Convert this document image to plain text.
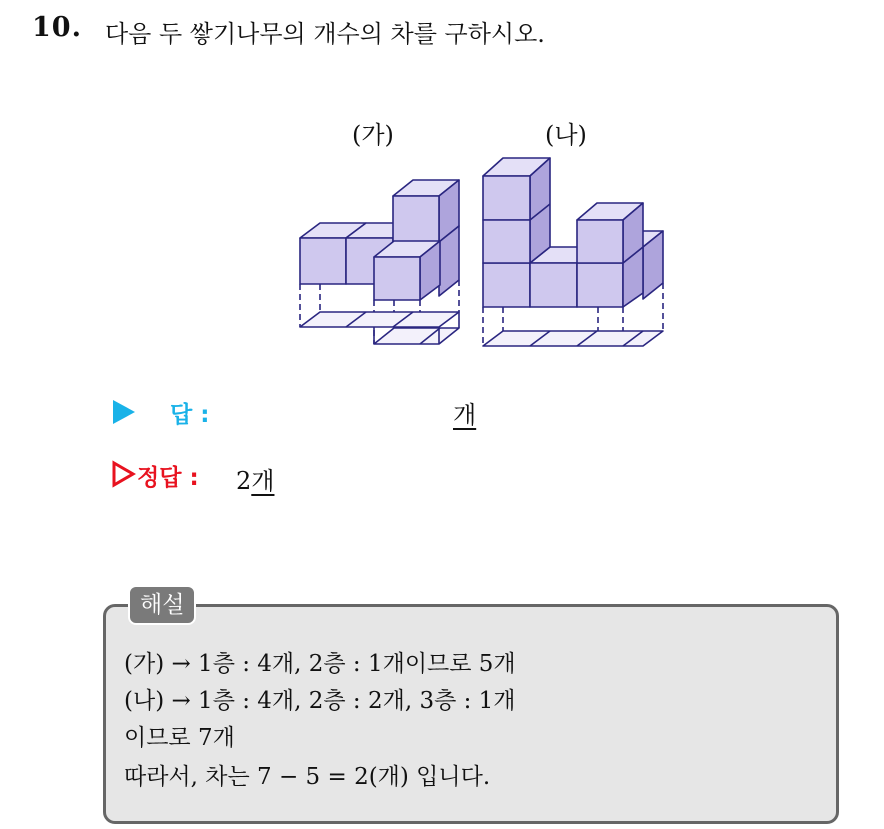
10. 다음 두 쌓기나무의 개수의 차를 구하시오.
(가)	(나)
답 :	개
정답 : 2개
해설
(가) → 1층 : 4개, 2층 : 1개이므로 5개
(나) → 1층 : 4개, 2층 : 2개, 3층 : 1개
이므로 7개
따라서, 차는 7 − 5 = 2(개) 입니다.
